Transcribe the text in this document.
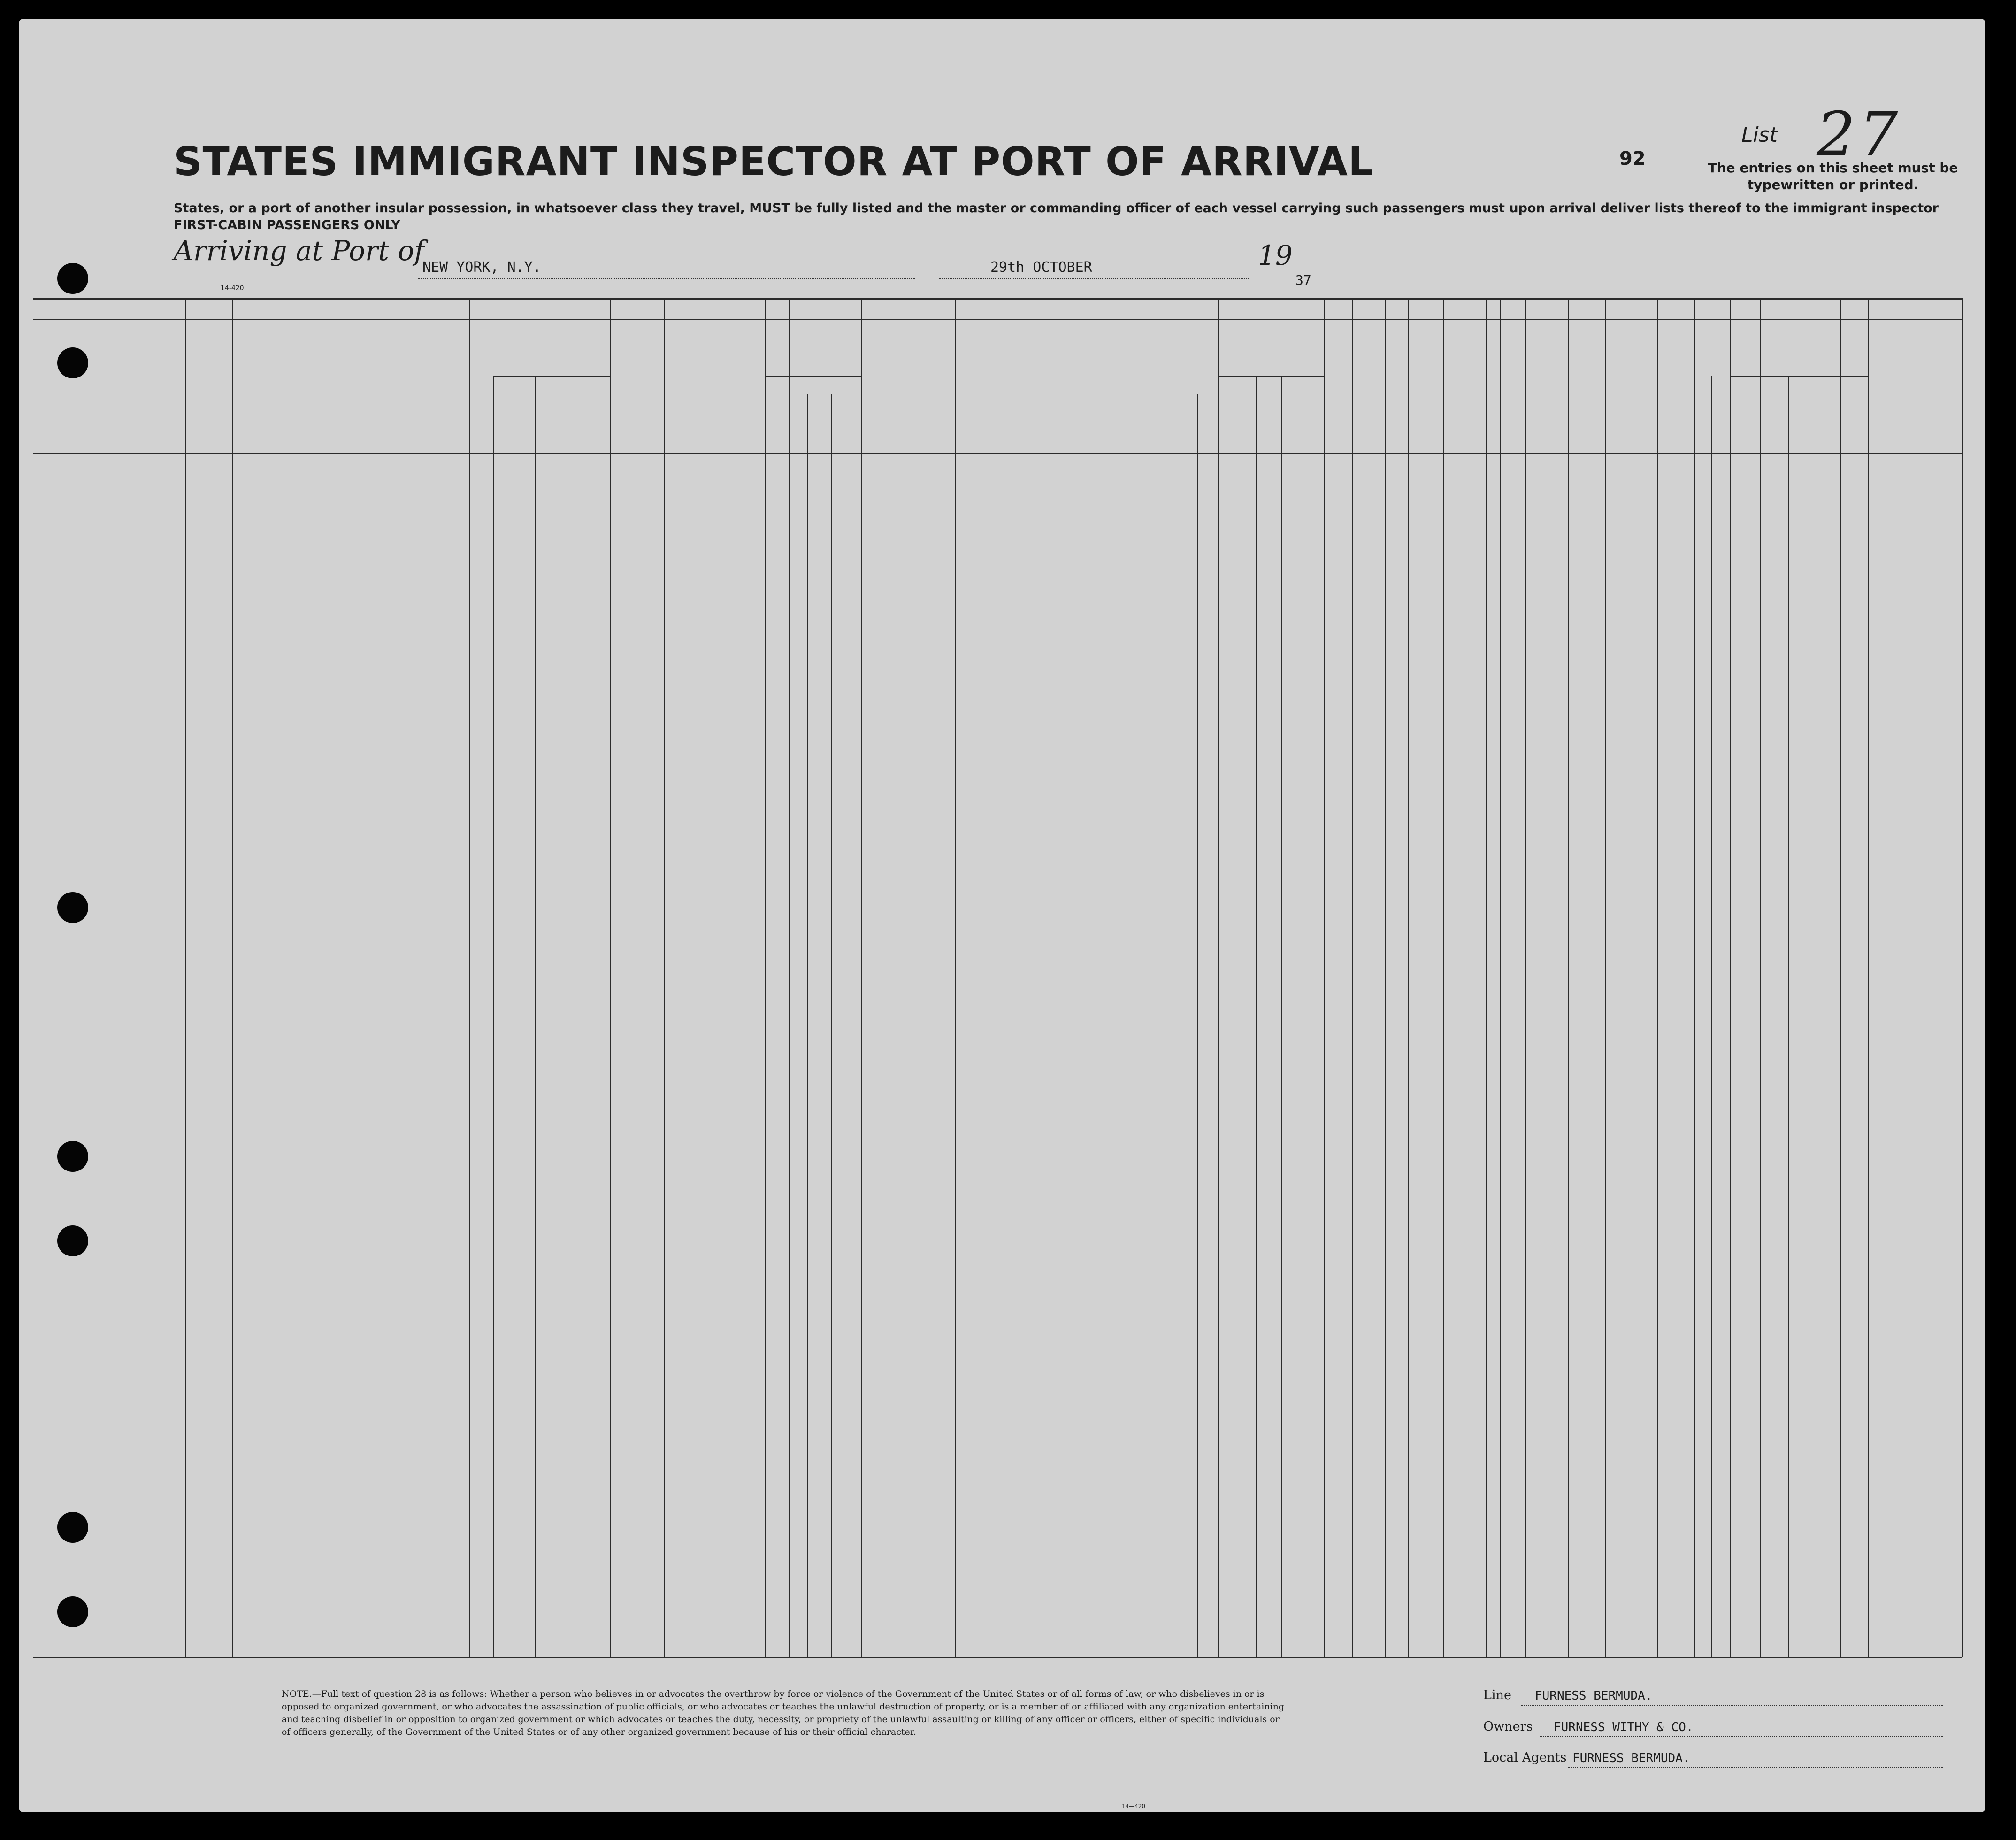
STATES IMMIGRANT INSPECTOR AT PORT OF ARRIVAL
States, or a port of another insular possession, in whatsoever class they travel, MUST be fully listed and the master or commanding officer of each vessel carrying such passengers must upon arrival deliver lists thereof to the immigrant inspector
FIRST-CABIN PASSENGERS ONLY
92
List 27
The entries on this sheet must be typewritten or printed.
Arriving at Port of
NEW YORK, N.Y.	29th OCTOBER	19
37
14-420
NOTE.—Full text of question 28 is as follows: Whether a person who believes in or advocates the overthrow by force or violence of the Government of the United States or of all forms of law, or who disbelieves in or is opposed to organized government, or who advocates the assassination of public officials, or who advocates or teaches the unlawful destruction of property, or is a member of or affiliated with any organization entertaining and teaching disbelief in or opposition to organized government or which advocates or teaches the duty, necessity, or propriety of the unlawful assaulting or killing of any officer or officers, either of specific individuals or of officers generally, of the Government of the United States or of any other organized government because of his or their official character.
14—420
Line FURNESS BERMUDA.
Owners FURNESS WITHY & CO.
Local Agents FURNESS BERMUDA.
